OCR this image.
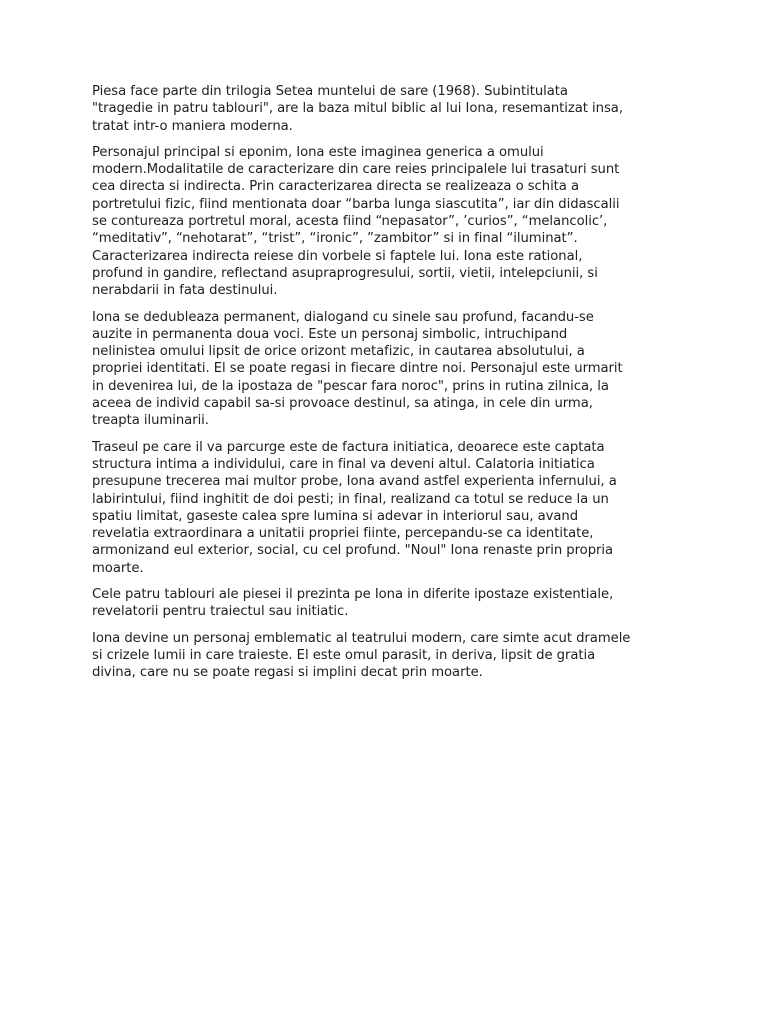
Piesa face parte din trilogia Setea muntelui de sare (1968). Subintitulata
"tragedie in patru tablouri", are la baza mitul biblic al lui Iona, resemantizat insa,
tratat intr-o maniera moderna.

Personajul principal si eponim, Iona este imaginea generica a omului
modern.Modalitatile de caracterizare din care reies principalele lui trasaturi sunt
cea directa si indirecta. Prin caracterizarea directa se realizeaza o schita a
portretului fizic, fiind mentionata doar “barba lunga siascutita”, iar din didascalii
se contureaza portretul moral, acesta fiind “nepasator”, ’curios”, “melancolic’,
“meditativ”, “nehotarat”, “trist”, “ironic”, ”zambitor” si in final “iluminat”.
Caracterizarea indirecta reiese din vorbele si faptele lui. Iona este rational,
profund in gandire, reflectand asupraprogresului, sortii, vietii, intelepciunii, si
nerabdarii in fata destinului.

Iona se dedubleaza permanent, dialogand cu sinele sau profund, facandu-se
auzite in permanenta doua voci. Este un personaj simbolic, intruchipand
nelinistea omului lipsit de orice orizont metafizic, in cautarea absolutului, a
propriei identitati. El se poate regasi in fiecare dintre noi. Personajul este urmarit
in devenirea lui, de la ipostaza de "pescar fara noroc", prins in rutina zilnica, la
aceea de individ capabil sa-si provoace destinul, sa atinga, in cele din urma,
treapta iluminarii.

Traseul pe care il va parcurge este de factura initiatica, deoarece este captata
structura intima a individului, care in final va deveni altul. Calatoria initiatica
presupune trecerea mai multor probe, Iona avand astfel experienta infernului, a
labirintului, fiind inghitit de doi pesti; in final, realizand ca totul se reduce la un
spatiu limitat, gaseste calea spre lumina si adevar in interiorul sau, avand
revelatia extraordinara a unitatii propriei fiinte, percepandu-se ca identitate,
armonizand eul exterior, social, cu cel profund. "Noul" Iona renaste prin propria
moarte.

Cele patru tablouri ale piesei il prezinta pe Iona in diferite ipostaze existentiale,
revelatorii pentru traiectul sau initiatic.

Iona devine un personaj emblematic al teatrului modern, care simte acut dramele
si crizele lumii in care traieste. El este omul parasit, in deriva, lipsit de gratia
divina, care nu se poate regasi si implini decat prin moarte.
